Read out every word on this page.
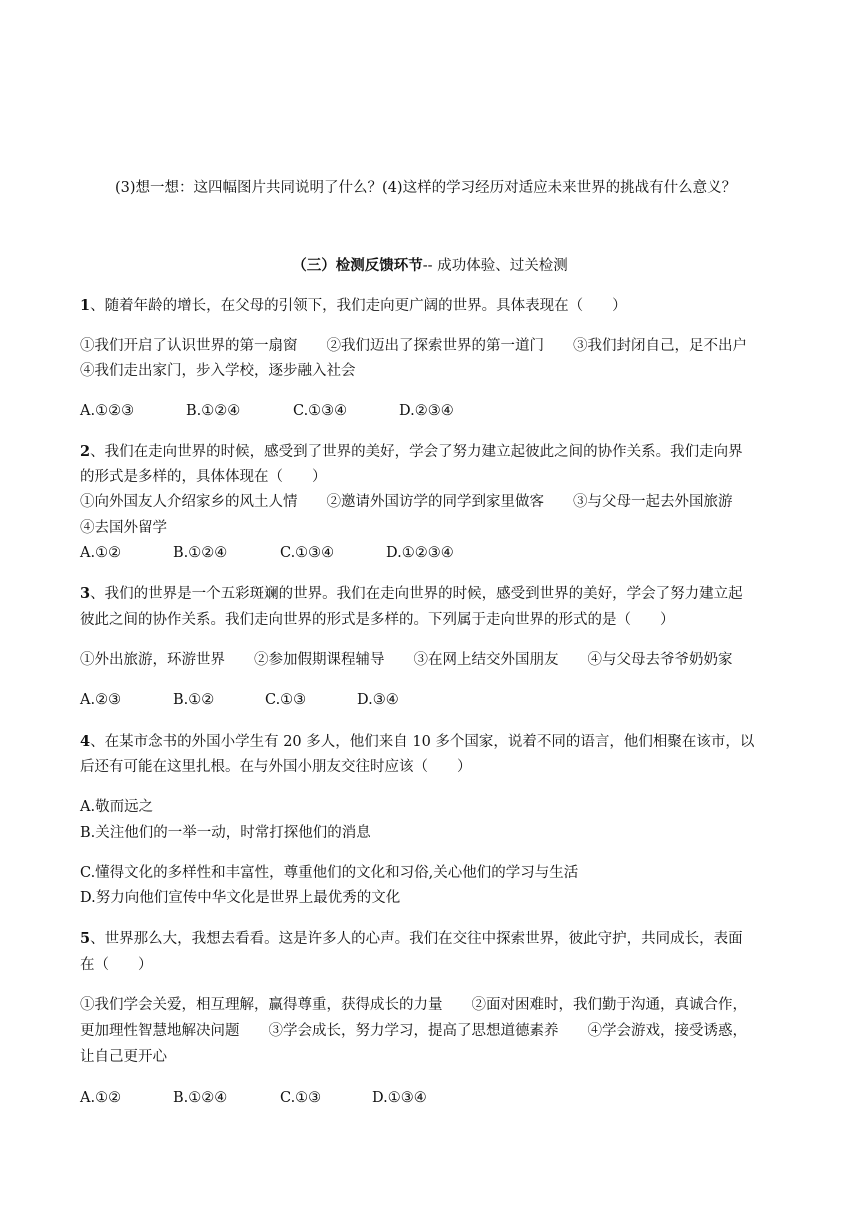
(3)想一想：这四幅图片共同说明了什么？(4)这样的学习经历对适应未来世界的挑战有什么意义？
（三）检测反馈环节-- 成功体验、过关检测
1、随着年龄的增长，在父母的引领下，我们走向更广阔的世界。具体表现在（　　）
①我们开启了认识世界的第一扇窗　　②我们迈出了探索世界的第一道门　　③我们封闭自己，足不出户
④我们走出家门，步入学校，逐步融入社会
A.①②③	B.①②④	C.①③④	D.②③④
2、我们在走向世界的时候，感受到了世界的美好，学会了努力建立起彼此之间的协作关系。我们走向界
的形式是多样的，具体体现在（　　）
①向外国友人介绍家乡的风土人情　　②邀请外国访学的同学到家里做客　　③与父母一起去外国旅游
④去国外留学
A.①②	B.①②④	C.①③④	D.①②③④
3、我们的世界是一个五彩斑斓的世界。我们在走向世界的时候，感受到世界的美好，学会了努力建立起
彼此之间的协作关系。我们走向世界的形式是多样的。下列属于走向世界的形式的是（　　）
①外出旅游，环游世界　　②参加假期课程辅导　　③在网上结交外国朋友　　④与父母去爷爷奶奶家
A.②③	B.①②	C.①③	D.③④
4、在某市念书的外国小学生有 20 多人，他们来自 10 多个国家，说着不同的语言，他们相聚在该市，以
后还有可能在这里扎根。在与外国小朋友交往时应该（　　）
A.敬而远之
B.关注他们的一举一动，时常打探他们的消息
C.懂得文化的多样性和丰富性，尊重他们的文化和习俗,关心他们的学习与生活
D.努力向他们宣传中华文化是世界上最优秀的文化
5、世界那么大，我想去看看。这是许多人的心声。我们在交往中探索世界，彼此守护，共同成长，表面
在（　　）
①我们学会关爱，相互理解，赢得尊重，获得成长的力量　　②面对困难时，我们勤于沟通，真诚合作，
更加理性智慧地解决问题　　③学会成长，努力学习，提高了思想道德素养　　④学会游戏，接受诱惑，
让自己更开心
A.①②	B.①②④	C.①③	D.①③④
